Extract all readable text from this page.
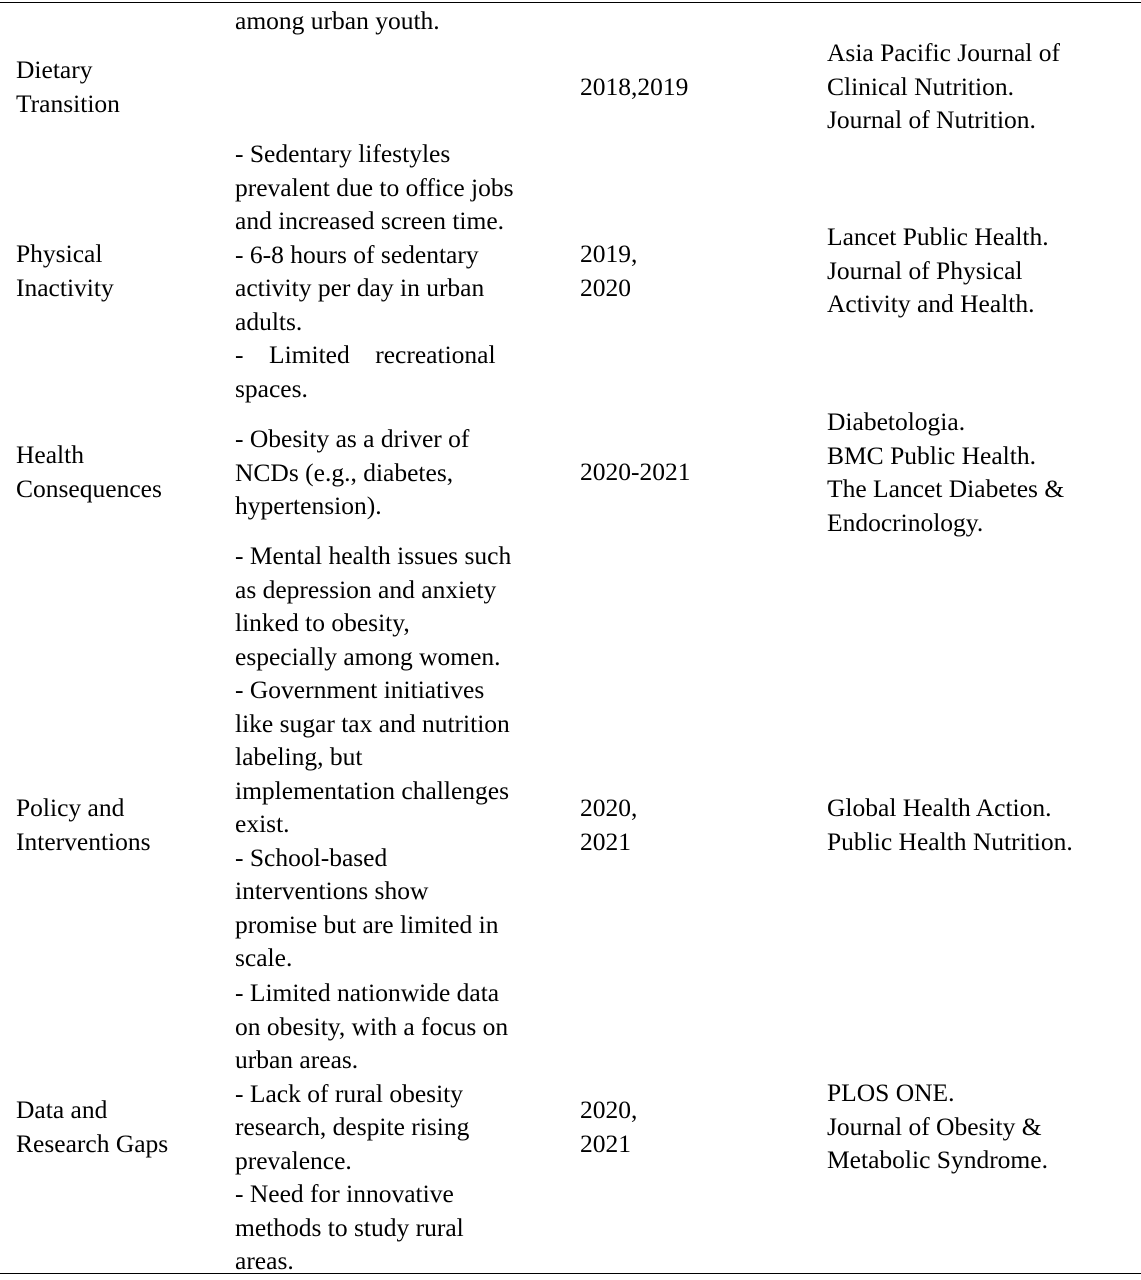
among urban youth.
Dietary
Transition
2018,2019
Asia Pacific Journal of
Clinical Nutrition.
Journal of Nutrition.
Physical
Inactivity
- Sedentary lifestyles
prevalent due to office jobs
and increased screen time.
- 6-8 hours of sedentary
activity per day in urban
adults.
-    Limited    recreational
spaces.
2019,
2020
Lancet Public Health.
Journal of Physical
Activity and Health.
Health
Consequences
- Obesity as a driver of
NCDs (e.g., diabetes,
hypertension).
2020-2021
Diabetologia.
BMC Public Health.
The Lancet Diabetes &
Endocrinology.
Policy and
Interventions
- Mental health issues such
as depression and anxiety
linked to obesity,
especially among women.
- Government initiatives
like sugar tax and nutrition
labeling, but
implementation challenges
exist.
- School-based
interventions show
promise but are limited in
scale.
2020,
2021
Global Health Action.
Public Health Nutrition.
Data and
Research Gaps
- Limited nationwide data
on obesity, with a focus on
urban areas.
- Lack of rural obesity
research, despite rising
prevalence.
- Need for innovative
methods to study rural
areas.
2020,
2021
PLOS ONE.
Journal of Obesity &
Metabolic Syndrome.
